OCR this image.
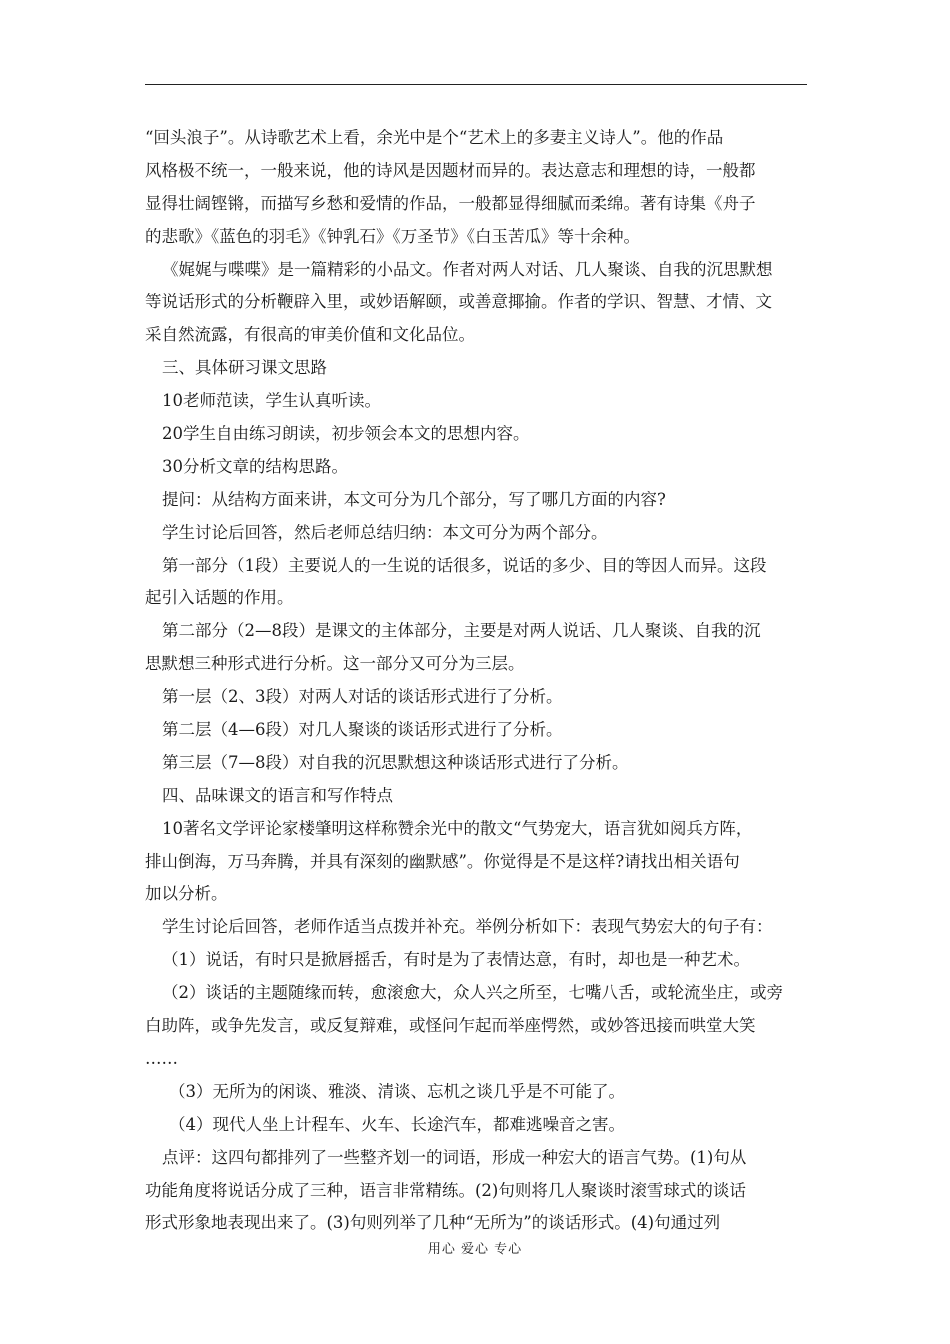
“回头浪子”。从诗歌艺术上看，余光中是个“艺术上的多妻主义诗人”。他的作品
风格极不统一，一般来说，他的诗风是因题材而异的。表达意志和理想的诗，一般都
显得壮阔铿锵，而描写乡愁和爱情的作品，一般都显得细腻而柔绵。著有诗集《舟子
的悲歌》《蓝色的羽毛》《钟乳石》《万圣节》《白玉苦瓜》等十余种。
《娓娓与喋喋》是一篇精彩的小品文。作者对两人对话、几人聚谈、自我的沉思默想
等说话形式的分析鞭辟入里，或妙语解颐，或善意揶揄。作者的学识、智慧、才情、文
采自然流露，有很高的审美价值和文化品位。
三、具体研习课文思路
10老师范读，学生认真听读。
20学生自由练习朗读，初步领会本文的思想内容。
30分析文章的结构思路。
提问：从结构方面来讲，本文可分为几个部分，写了哪几方面的内容?
学生讨论后回答，然后老师总结归纳：本文可分为两个部分。
第一部分（1段）主要说人的一生说的话很多，说话的多少、目的等因人而异。这段
起引入话题的作用。
第二部分（2—8段）是课文的主体部分，主要是对两人说话、几人聚谈、自我的沉
思默想三种形式进行分析。这一部分又可分为三层。
第一层（2、3段）对两人对话的谈话形式进行了分析。
第二层（4—6段）对几人聚谈的谈话形式进行了分析。
第三层（7—8段）对自我的沉思默想这种谈话形式进行了分析。
四、品味课文的语言和写作特点
10著名文学评论家楼肇明这样称赞余光中的散文“气势宠大，语言犹如阅兵方阵，
排山倒海，万马奔腾，并具有深刻的幽默感”。你觉得是不是这样?请找出相关语句
加以分析。
学生讨论后回答，老师作适当点拨并补充。举例分析如下：表现气势宏大的句子有：
（1）说话，有时只是掀唇摇舌，有时是为了表情达意，有时，却也是一种艺术。
（2）谈话的主题随缘而转，愈滚愈大，众人兴之所至，七嘴八舌，或轮流坐庄，或旁
白助阵，或争先发言，或反复辩难，或怪问乍起而举座愕然，或妙答迅接而哄堂大笑
……
（3）无所为的闲谈、雅淡、清谈、忘机之谈几乎是不可能了。
（4）现代人坐上计程车、火车、长途汽车，都难逃噪音之害。
点评：这四句都排列了一些整齐划一的词语，形成一种宏大的语言气势。(1)句从
功能角度将说话分成了三种，语言非常精练。(2)句则将几人聚谈时滚雪球式的谈话
形式形象地表现出来了。(3)句则列举了几种“无所为”的谈话形式。(4)句通过列
用心 爱心 专心
